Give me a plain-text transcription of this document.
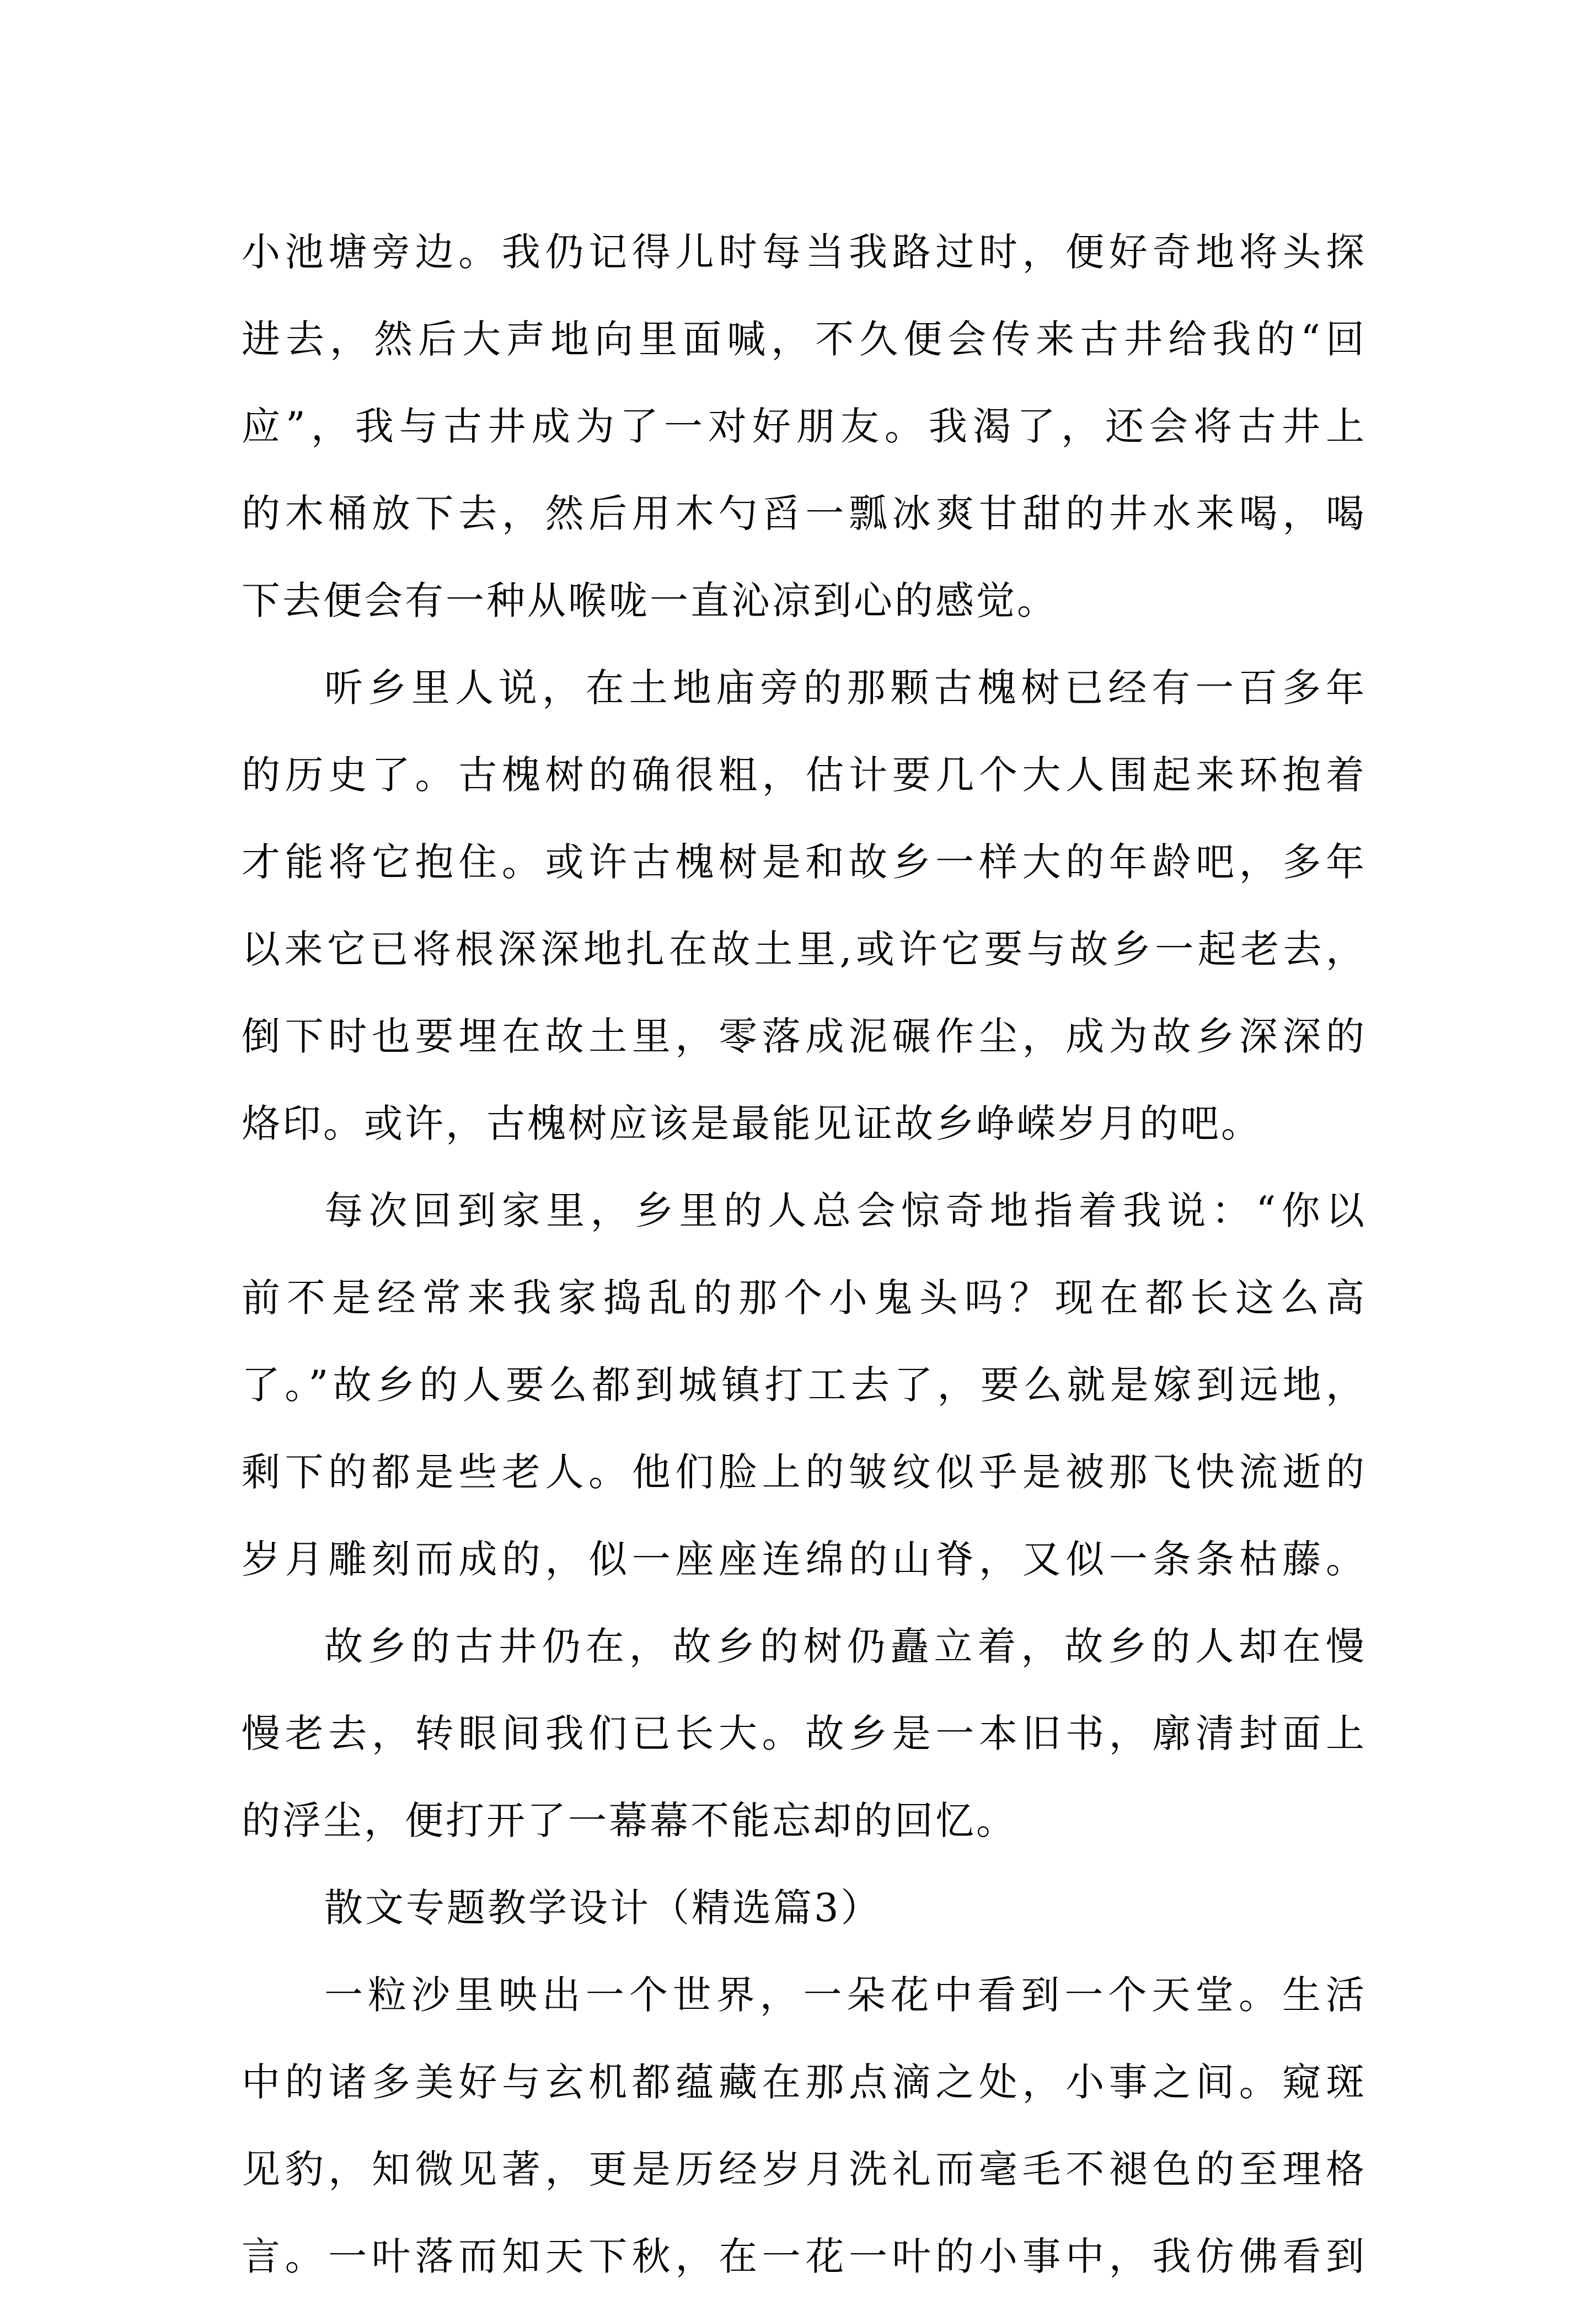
小池塘旁边。我仍记得儿时每当我路过时，便好奇地将头探
进去，然后大声地向里面喊，不久便会传来古井给我的“回
应”，我与古井成为了一对好朋友。我渴了，还会将古井上
的木桶放下去，然后用木勺舀一瓢冰爽甘甜的井水来喝，喝
下去便会有一种从喉咙一直沁凉到心的感觉。
听乡里人说，在土地庙旁的那颗古槐树已经有一百多年
的历史了。古槐树的确很粗，估计要几个大人围起来环抱着
才能将它抱住。或许古槐树是和故乡一样大的年龄吧，多年
以来它已将根深深地扎在故土里,或许它要与故乡一起老去，
倒下时也要埋在故土里，零落成泥碾作尘，成为故乡深深的
烙印。或许，古槐树应该是最能见证故乡峥嵘岁月的吧。
每次回到家里，乡里的人总会惊奇地指着我说：“你以
前不是经常来我家捣乱的那个小鬼头吗？现在都长这么高
了。”故乡的人要么都到城镇打工去了，要么就是嫁到远地，
剩下的都是些老人。他们脸上的皱纹似乎是被那飞快流逝的
岁月雕刻而成的，似一座座连绵的山脊，又似一条条枯藤。
故乡的古井仍在，故乡的树仍矗立着，故乡的人却在慢
慢老去，转眼间我们已长大。故乡是一本旧书，廓清封面上
的浮尘，便打开了一幕幕不能忘却的回忆。
散文专题教学设计（精选篇3）
一粒沙里映出一个世界，一朵花中看到一个天堂。生活
中的诸多美好与玄机都蕴藏在那点滴之处，小事之间。窥斑
见豹，知微见著，更是历经岁月洗礼而毫毛不褪色的至理格
言。一叶落而知天下秋，在一花一叶的小事中，我仿佛看到
